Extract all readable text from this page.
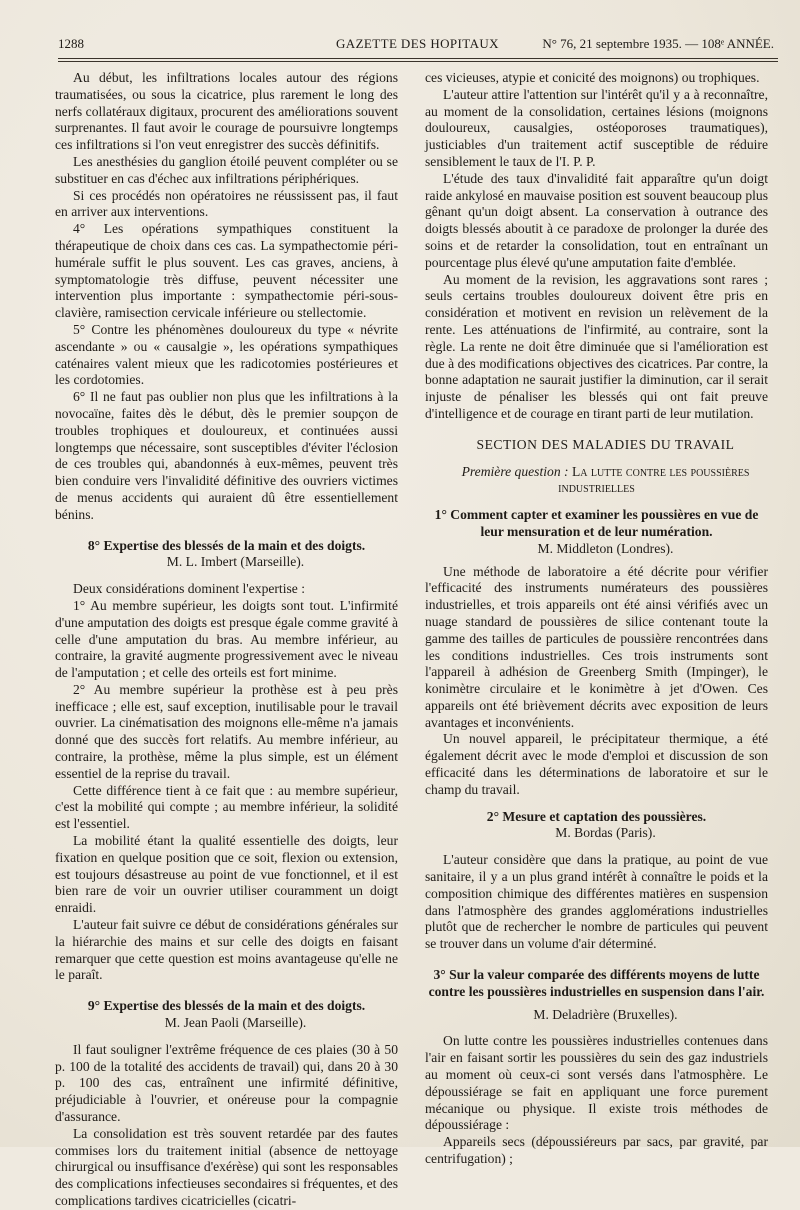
1288	GAZETTE DES HOPITAUX	N° 76, 21 septembre 1935. — 108ᵉ ANNÉE.

Au début, les infiltrations locales autour des régions traumatisées, ou sous la cicatrice, plus rarement le long des nerfs collatéraux digitaux, procurent des améliorations souvent surprenantes. Il faut avoir le courage de poursuivre longtemps ces infiltrations si l'on veut enregistrer des succès définitifs.

Les anesthésies du ganglion étoilé peuvent compléter ou se substituer en cas d'échec aux infiltrations périphériques.

Si ces procédés non opératoires ne réussissent pas, il faut en arriver aux interventions.

4° Les opérations sympathiques constituent la thérapeutique de choix dans ces cas. La sympathectomie péri-humérale suffit le plus souvent. Les cas graves, anciens, à symptomatologie très diffuse, peuvent nécessiter une intervention plus importante : sympathectomie péri-sous-clavière, ramisection cervicale inférieure ou stellectomie.

5° Contre les phénomènes douloureux du type « névrite ascendante » ou « causalgie », les opérations sympathiques caténaires valent mieux que les radicotomies postérieures et les cordotomies.

6° Il ne faut pas oublier non plus que les infiltrations à la novocaïne, faites dès le début, dès le premier soupçon de troubles trophiques et douloureux, et continuées aussi longtemps que nécessaire, sont susceptibles d'éviter l'éclosion de ces troubles qui, abandonnés à eux-mêmes, peuvent très bien conduire vers l'invalidité définitive des ouvriers victimes de menus accidents qui auraient dû être essentiellement bénins.

8° Expertise des blessés de la main et des doigts.

M. L. Imbert (Marseille).

Deux considérations dominent l'expertise :

1° Au membre supérieur, les doigts sont tout. L'infirmité d'une amputation des doigts est presque égale comme gravité à celle d'une amputation du bras. Au membre inférieur, au contraire, la gravité augmente progressivement avec le niveau de l'amputation ; et celle des orteils est fort minime.

2° Au membre supérieur la prothèse est à peu près inefficace ; elle est, sauf exception, inutilisable pour le travail ouvrier. La cinématisation des moignons elle-même n'a jamais donné que des succès fort relatifs. Au membre inférieur, au contraire, la prothèse, même la plus simple, est un élément essentiel de la reprise du travail.

Cette différence tient à ce fait que : au membre supérieur, c'est la mobilité qui compte ; au membre inférieur, la solidité est l'essentiel.

La mobilité étant la qualité essentielle des doigts, leur fixation en quelque position que ce soit, flexion ou extension, est toujours désastreuse au point de vue fonctionnel, et il est bien rare de voir un ouvrier utiliser couramment un doigt enraidi.

L'auteur fait suivre ce début de considérations générales sur la hiérarchie des mains et sur celle des doigts en faisant remarquer que cette question est moins avantageuse qu'elle ne le paraît.

9° Expertise des blessés de la main et des doigts.

M. Jean Paoli (Marseille).

Il faut souligner l'extrême fréquence de ces plaies (30 à 50 p. 100 de la totalité des accidents de travail) qui, dans 20 à 30 p. 100 des cas, entraînent une infirmité définitive, préjudiciable à l'ouvrier, et onéreuse pour la compagnie d'assurance.

La consolidation est très souvent retardée par des fautes commises lors du traitement initial (absence de nettoyage chirurgical ou insuffisance d'exérèse) qui sont les responsables des complications infectieuses secondaires si fréquentes, et des complications tardives cicatricielles (cicatri-

ces vicieuses, atypie et conicité des moignons) ou trophiques.

L'auteur attire l'attention sur l'intérêt qu'il y a à reconnaître, au moment de la consolidation, certaines lésions (moignons douloureux, causalgies, ostéoporoses traumatiques), justiciables d'un traitement actif susceptible de réduire sensiblement le taux de l'I. P. P.

L'étude des taux d'invalidité fait apparaître qu'un doigt raide ankylosé en mauvaise position est souvent beaucoup plus gênant qu'un doigt absent. La conservation à outrance des doigts blessés aboutit à ce paradoxe de prolonger la durée des soins et de retarder la consolidation, tout en entraînant un pourcentage plus élevé qu'une amputation faite d'emblée.

Au moment de la revision, les aggravations sont rares ; seuls certains troubles douloureux doivent être pris en considération et motivent en revision un relèvement de la rente. Les atténuations de l'infirmité, au contraire, sont la règle. La rente ne doit être diminuée que si l'amélioration est due à des modifications objectives des cicatrices. Par contre, la bonne adaptation ne saurait justifier la diminution, car il serait injuste de pénaliser les blessés qui ont fait preuve d'intelligence et de courage en tirant parti de leur mutilation.

SECTION DES MALADIES DU TRAVAIL

Première question : La lutte contre les poussières industrielles

1° Comment capter et examiner les poussières en vue de leur mensuration et de leur numération.

M. Middleton (Londres).

Une méthode de laboratoire a été décrite pour vérifier l'efficacité des instruments numérateurs des poussières industrielles, et trois appareils ont été ainsi vérifiés avec un nuage standard de poussières de silice contenant toute la gamme des tailles de particules de poussière rencontrées dans les conditions industrielles. Ces trois instruments sont l'appareil à adhésion de Greenberg Smith (Impinger), le konimètre circulaire et le konimètre à jet d'Owen. Ces appareils ont été brièvement décrits avec exposition de leurs avantages et inconvénients.

Un nouvel appareil, le précipitateur thermique, a été également décrit avec le mode d'emploi et discussion de son efficacité dans les déterminations de laboratoire et sur le champ du travail.

2° Mesure et captation des poussières.

M. Bordas (Paris).

L'auteur considère que dans la pratique, au point de vue sanitaire, il y a un plus grand intérêt à connaître le poids et la composition chimique des différentes matières en suspension dans l'atmosphère des grandes agglomérations industrielles plutôt que de rechercher le nombre de particules qui peuvent se trouver dans un volume d'air déterminé.

3° Sur la valeur comparée des différents moyens de lutte contre les poussières industrielles en suspension dans l'air.

M. Deladrière (Bruxelles).

On lutte contre les poussières industrielles contenues dans l'air en faisant sortir les poussières du sein des gaz industriels au moment où ceux-ci sont versés dans l'atmosphère. Le dépoussiérage se fait en appliquant une force purement mécanique ou physique. Il existe trois méthodes de dépoussiérage :

Appareils secs (dépoussiéreurs par sacs, par gravité, par centrifugation) ;
